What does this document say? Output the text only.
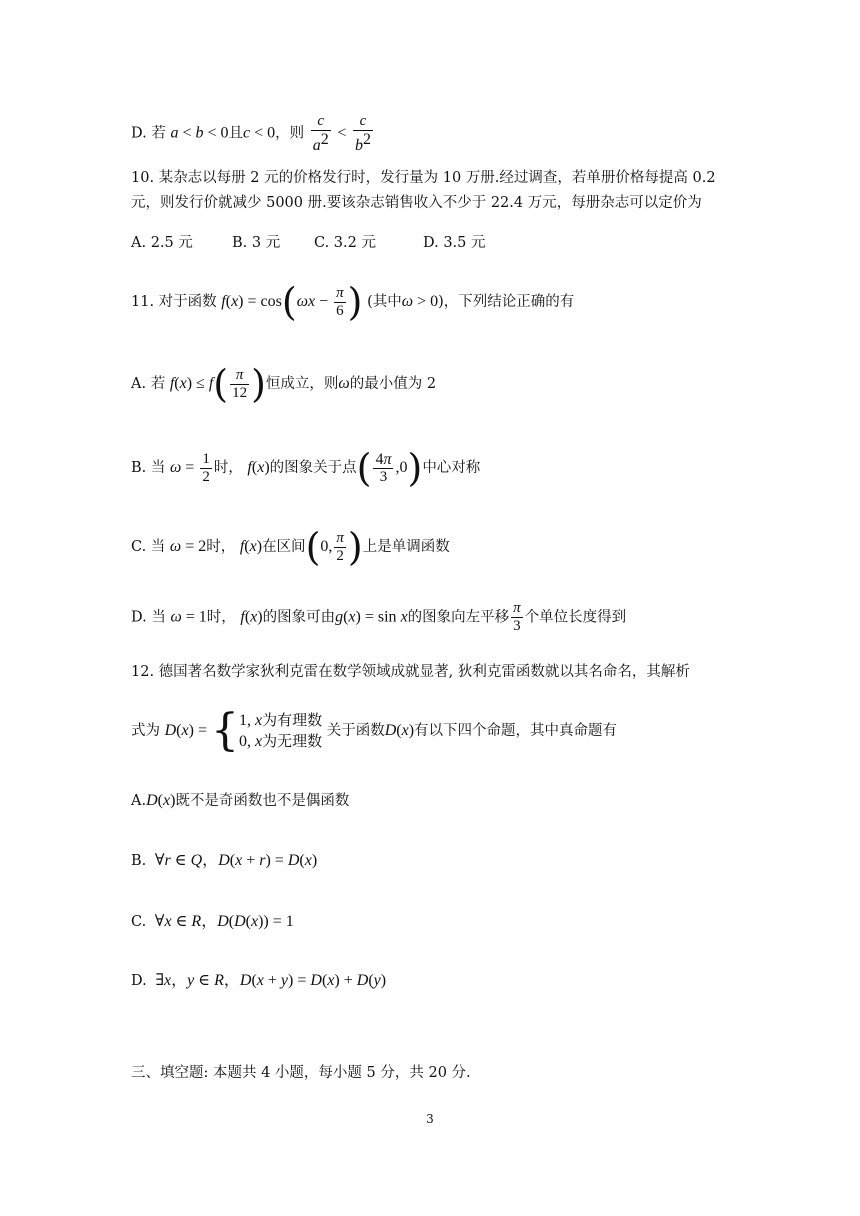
D. 若 a < b < 0且c < 0，则 $\frac{c}{a^2} < \frac{c}{b^2}$
10. 某杂志以每册 2 元的价格发行时，发行量为 10 万册.经过调查，若单册价格每提高 0.2
元，则发行价就减少 5000 册.要该杂志销售收入不少于 22.4 万元，每册杂志可以定价为
A. 2.5 元	B. 3 元 C. 3.2 元	D. 3.5 元
11. 对于函数 $f(x) = \cos(\omega x - \frac{\pi}{6}$ ) (其中ω > 0)，下列结论正确的有
A. 若 $f(x) \le f( \frac{\pi}{12}$ )恒成立，则ω的最小值为 2
B. 当 $\omega = \frac{1}{2}$ 时， f(x)的图象关于点( $\frac{4\pi}{3} ,0$)中心对称
C. 当 ω = 2时， f(x)在区间(0, $\frac{\pi}{2}$ )上是单调函数
D. 当 ω = 1时， f(x)的图象可由g(x) = sin x的图象向左平移 $\frac{\pi}{3}$ 个单位长度得到
12. 德国著名数学家狄利克雷在数学领域成就显著, 狄利克雷函数就以其名命名，其解析
式为 D(x) = { 1, x为有理数
0, x为无理数
关于函数D(x)有以下四个命题，其中真命题有
A.D(x)既不是奇函数也不是偶函数
B.  ∀r ∈ Q，D(x + r) = D(x)
C.  ∀x ∈ R，D(D(x)) = 1
D.  ∃x，y ∈ R，D(x + y) = D(x) + D(y)
三、填空题: 本题共 4 小题，每小题 5 分，共 20 分.
3
